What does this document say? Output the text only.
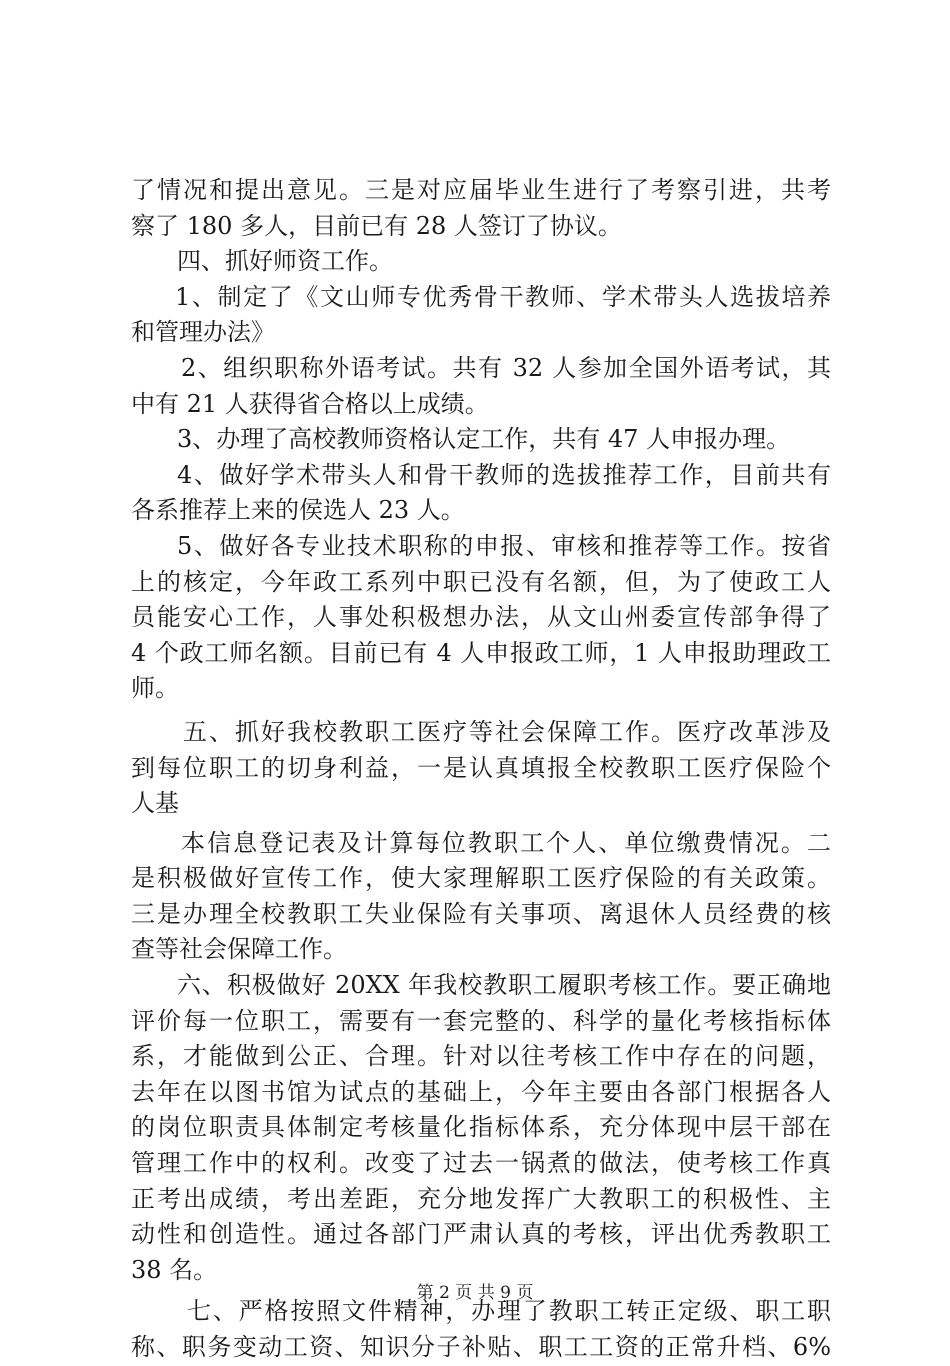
了情况和提出意见。三是对应届毕业生进行了考察引进，共考
察了 180 多人，目前已有 28 人签订了协议。
四、抓好师资工作。
1、制定了《文山师专优秀骨干教师、学术带头人选拔培养
和管理办法》
2、组织职称外语考试。共有 32 人参加全国外语考试，其
中有 21 人获得省合格以上成绩。
3、办理了高校教师资格认定工作，共有 47 人申报办理。
4、做好学术带头人和骨干教师的选拔推荐工作，目前共有
各系推荐上来的侯选人 23 人。
5、做好各专业技术职称的申报、审核和推荐等工作。按省
上的核定，今年政工系列中职已没有名额，但，为了使政工人
员能安心工作，人事处积极想办法，从文山州委宣传部争得了
4 个政工师名额。目前已有 4 人申报政工师，1 人申报助理政工
师。
五、抓好我校教职工医疗等社会保障工作。医疗改革涉及
到每位职工的切身利益，一是认真填报全校教职工医疗保险个
人基
本信息登记表及计算每位教职工个人、单位缴费情况。二
是积极做好宣传工作，使大家理解职工医疗保险的有关政策。
三是办理全校教职工失业保险有关事项、离退休人员经费的核
查等社会保障工作。
六、积极做好 20XX 年我校教职工履职考核工作。要正确地
评价每一位职工，需要有一套完整的、科学的量化考核指标体
系，才能做到公正、合理。针对以往考核工作中存在的问题，
去年在以图书馆为试点的基础上，今年主要由各部门根据各人
的岗位职责具体制定考核量化指标体系，充分体现中层干部在
管理工作中的权利。改变了过去一锅煮的做法，使考核工作真
正考出成绩，考出差距，充分地发挥广大教职工的积极性、主
动性和创造性。通过各部门严肃认真的考核，评出优秀教职工
38 名。
七、严格按照文件精神，办理了教职工转正定级、职工职
称、职务变动工资、知识分子补贴、职工工资的正常升档、6%
第 2 页 共 9 页
